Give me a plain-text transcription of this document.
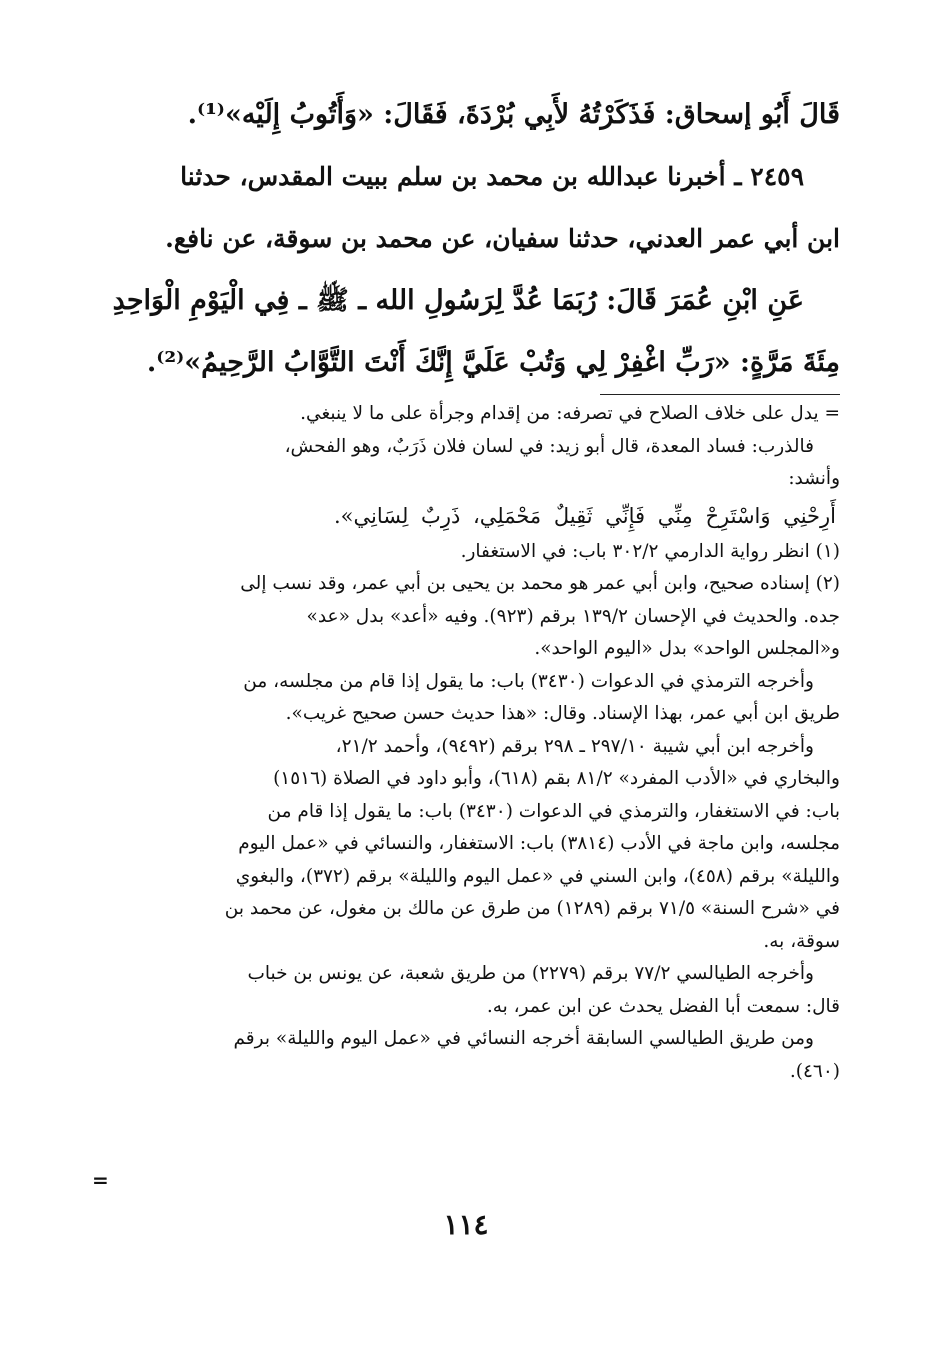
قَالَ أَبُو إسحاق: فَذَكَرْتُهُ لأَبِي بُرْدَةَ، فَقَالَ: «وَأَتُوبُ إِلَيْه»⁽¹⁾.
٢٤٥٩ ـ أخبرنا عبدالله بن محمد بن سلم ببيت المقدس، حدثنا
ابن أبي عمر العدني، حدثنا سفيان، عن محمد بن سوقة، عن نافع.
عَنِ ابْنِ عُمَرَ قَالَ: رُبَمَا عُدَّ لِرَسُولِ الله ـ ﷺ ـ فِي الْيَوْمِ الْوَاحِدِ
مِئَةَ مَرَّةٍ: «رَبِّ اغْفِرْ لِي وَتُبْ عَلَيَّ إِنَّكَ أَنْتَ التَّوَّابُ الرَّحِيمُ»⁽²⁾.
= يدل على خلاف الصلاح في تصرفه: من إقدام وجرأة على ما لا ينبغي.
فالذرب: فساد المعدة، قال أبو زيد: في لسان فلان ذَرَبٌ، وهو الفحش،
وأنشد:
أَرِحْنِي وَاسْتَرِحْ مِنِّي فَإِنِّي ثَقِيلٌ مَحْمَلِي، ذَرِبٌ لِسَانِي».
(١) انظر رواية الدارمي ٣٠٢/٢ باب: في الاستغفار.
(٢) إسناده صحيح، وابن أبي عمر هو محمد بن يحيى بن أبي عمر، وقد نسب إلى
جده. والحديث في الإحسان ١٣٩/٢ برقم (٩٢٣). وفيه «أعد» بدل «عد»
و«المجلس الواحد» بدل «اليوم الواحد».
وأخرجه الترمذي في الدعوات (٣٤٣٠) باب: ما يقول إذا قام من مجلسه، من
طريق ابن أبي عمر، بهذا الإسناد. وقال: «هذا حديث حسن صحيح غريب».
وأخرجه ابن أبي شيبة ٢٩٧/١٠ ـ ٢٩٨ برقم (٩٤٩٢)، وأحمد ٢١/٢،
والبخاري في «الأدب المفرد» ٨١/٢ بقم (٦١٨)، وأبو داود في الصلاة (١٥١٦)
باب: في الاستغفار، والترمذي في الدعوات (٣٤٣٠) باب: ما يقول إذا قام من
مجلسه، وابن ماجة في الأدب (٣٨١٤) باب: الاستغفار، والنسائي في «عمل اليوم
والليلة» برقم (٤٥٨)، وابن السني في «عمل اليوم والليلة» برقم (٣٧٢)، والبغوي
في «شرح السنة» ٧١/٥ برقم (١٢٨٩) من طرق عن مالك بن مغول، عن محمد بن
سوقة، به.
وأخرجه الطيالسي ٧٧/٢ برقم (٢٢٧٩) من طريق شعبة، عن يونس بن خباب
قال: سمعت أبا الفضل يحدث عن ابن عمر، به.
ومن طريق الطيالسي السابقة أخرجه النسائي في «عمل اليوم والليلة» برقم
(٤٦٠).
=
١١٤
